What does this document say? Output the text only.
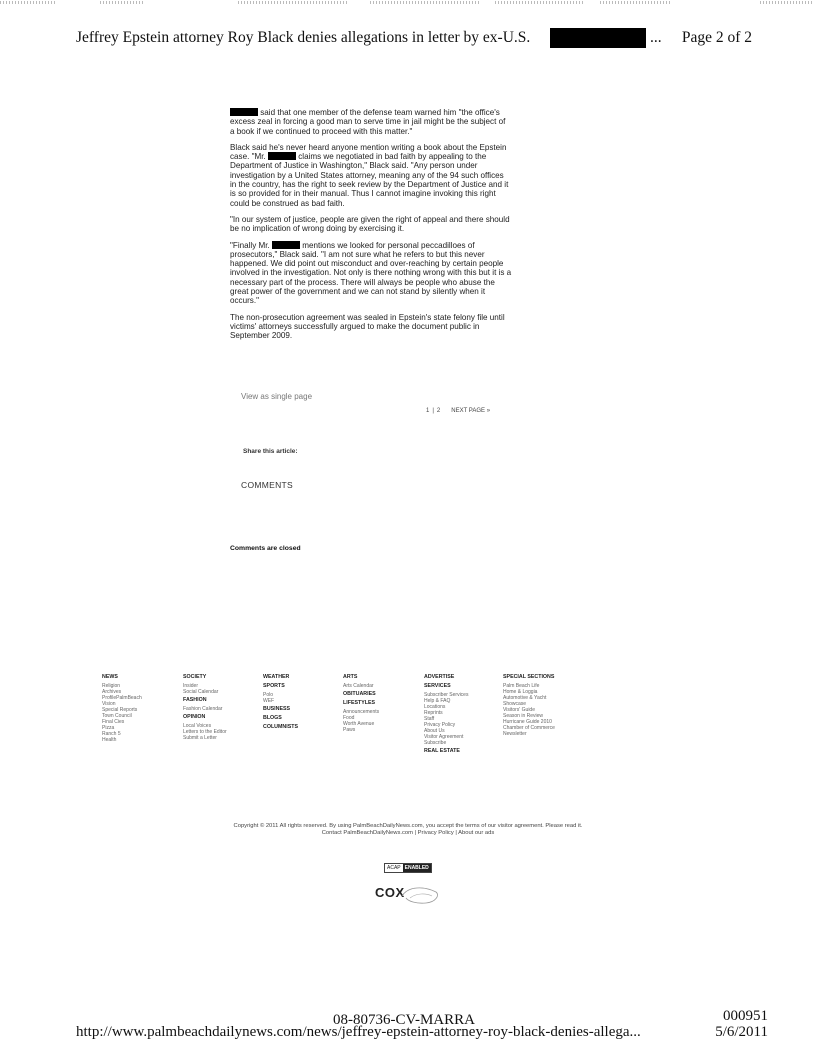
Jeffrey Epstein attorney Roy Black denies allegations in letter by ex-U.S.	... Page 2 of 2

said that one member of the defense team warned him "the office's excess zeal in forcing a good man to serve time in jail might be the subject of a book if we continued to proceed with this matter."

Black said he's never heard anyone mention writing a book about the Epstein case. "Mr.	claims we negotiated in bad faith by appealing to the Department of Justice in Washington," Black said. "Any person under investigation by a United States attorney, meaning any of the 94 such offices in the country, has the right to seek review by the Department of Justice and it is so provided for in their manual. Thus I cannot imagine invoking this right could be construed as bad faith.

"In our system of justice, people are given the right of appeal and there should be no implication of wrong doing by exercising it.

"Finally Mr.	mentions we looked for personal peccadilloes of prosecutors," Black said. "I am not sure what he refers to but this never happened. We did point out misconduct and over-reaching by certain people involved in the investigation. Not only is there nothing wrong with this but it is a necessary part of the process. There will always be people who abuse the great power of the government and we can not stand by silently when it occurs."

The non-prosecution agreement was sealed in Epstein's state felony file until victims' attorneys successfully argued to make the document public in September 2009.

View as single page
1 | 2 NEXT PAGE »
Share this article:
COMMENTS
Comments are closed
NEWS
Religion
Archives
ProfilePalmBeach
Vision
Special Reports
Town Council
Final Cies
Pizza
Ranch 5
Health
SOCIETY
Insider
Social Calendar
FASHION
Fashion Calendar
OPINION
Local Voices
Letters to the Editor
Submit a Letter
WEATHER
SPORTS
Polo
WEF
BUSINESS
BLOGS
COLUMNISTS
ARTS
Arts Calendar
OBITUARIES
LIFESTYLES
Announcements
Food
Worth Avenue
Paws
ADVERTISE
SERVICES
Subscriber Services
Help & FAQ
Locations
Reprints
Staff
Privacy Policy
About Us
Visitor Agreement
Subscribe
REAL ESTATE
SPECIAL SECTIONS
Palm Beach Life
Home & Loggia
Automotive & Yacht
Showcase
Visitors' Guide
Season in Review
Hurricane Guide 2010
Chamber of Commerce
Newsletter
Copyright © 2011 All rights reserved. By using PalmBeachDailyNews.com, you accept the terms of our visitor agreement. Please read it.
Contact PalmBeachDailyNews.com | Privacy Policy | About our ads
ACAP ENABLED
COX
08-80736-CV-MARRA	000951
http://www.palmbeachdailynews.com/news/jeffrey-epstein-attorney-roy-black-denies-allega...	5/6/2011
